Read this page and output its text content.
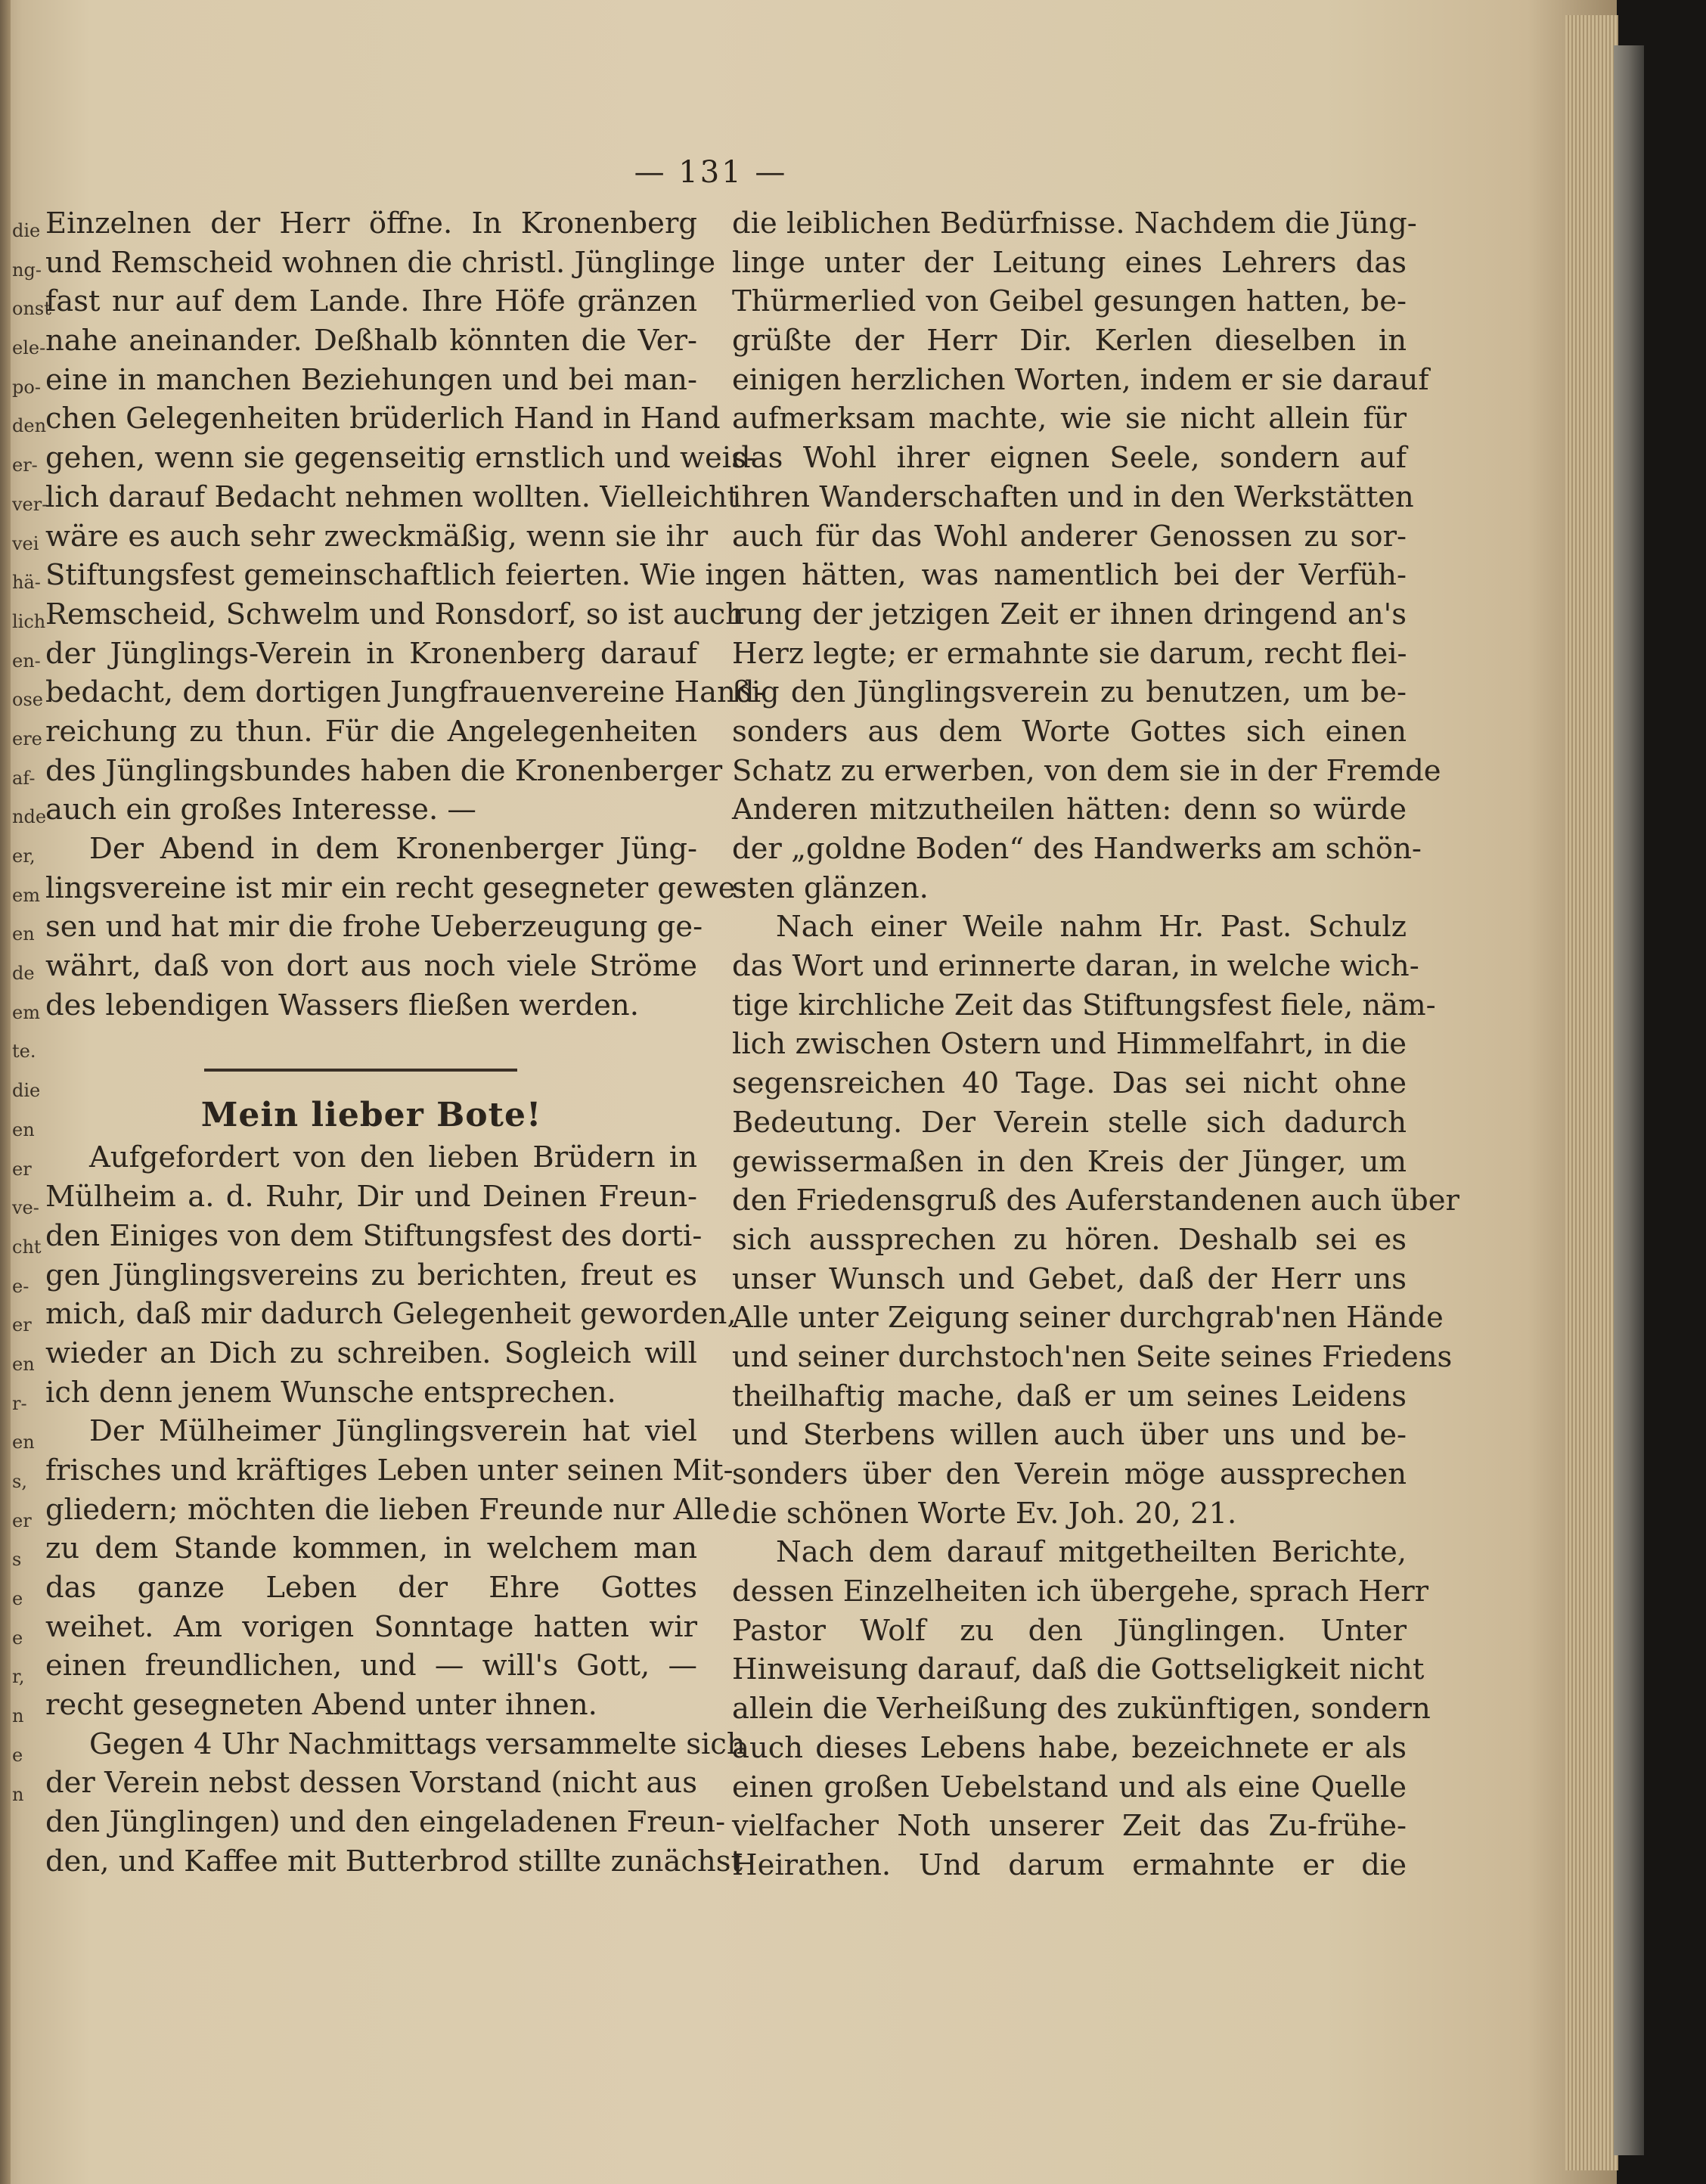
die
ng-
onst
ele-
po-
den
er-
ver-
vei
hä-
lich
en-
ose
ere
af-
nde
er,
em
en
de
em
te.
die
en
er
ve-
cht
e-
er
en
r-
en
s,
er
s
e
e
r,
n
e
n
— 131 —
Einzelnen der Herr öffne. In Kronenberg
und Remscheid wohnen die christl. Jünglinge
fast nur auf dem Lande. Ihre Höfe gränzen
nahe aneinander. Deßhalb könnten die Ver-
eine in manchen Beziehungen und bei man-
chen Gelegenheiten brüderlich Hand in Hand
gehen, wenn sie gegenseitig ernstlich und weis-
lich darauf Bedacht nehmen wollten. Vielleicht
wäre es auch sehr zweckmäßig, wenn sie ihr
Stiftungsfest gemeinschaftlich feierten. Wie in
Remscheid, Schwelm und Ronsdorf, so ist auch
der Jünglings-Verein in Kronenberg darauf
bedacht, dem dortigen Jungfrauenvereine Hand-
reichung zu thun. Für die Angelegenheiten
des Jünglingsbundes haben die Kronenberger
auch ein großes Interesse. —
Der Abend in dem Kronenberger Jüng-
lingsvereine ist mir ein recht gesegneter gewe-
sen und hat mir die frohe Ueberzeugung ge-
währt, daß von dort aus noch viele Ströme
des lebendigen Wassers fließen werden.
Mein lieber Bote!
Aufgefordert von den lieben Brüdern in
Mülheim a. d. Ruhr, Dir und Deinen Freun-
den Einiges von dem Stiftungsfest des dorti-
gen Jünglingsvereins zu berichten, freut es
mich, daß mir dadurch Gelegenheit geworden,
wieder an Dich zu schreiben. Sogleich will
ich denn jenem Wunsche entsprechen.
Der Mülheimer Jünglingsverein hat viel
frisches und kräftiges Leben unter seinen Mit-
gliedern; möchten die lieben Freunde nur Alle
zu dem Stande kommen, in welchem man
das ganze Leben der Ehre Gottes
weihet. Am vorigen Sonntage hatten wir
einen freundlichen, und — will's Gott, —
recht gesegneten Abend unter ihnen.
Gegen 4 Uhr Nachmittags versammelte sich
der Verein nebst dessen Vorstand (nicht aus
den Jünglingen) und den eingeladenen Freun-
den, und Kaffee mit Butterbrod stillte zunächst
die leiblichen Bedürfnisse. Nachdem die Jüng-
linge unter der Leitung eines Lehrers das
Thürmerlied von Geibel gesungen hatten, be-
grüßte der Herr Dir. Kerlen dieselben in
einigen herzlichen Worten, indem er sie darauf
aufmerksam machte, wie sie nicht allein für
das Wohl ihrer eignen Seele, sondern auf
ihren Wanderschaften und in den Werkstätten
auch für das Wohl anderer Genossen zu sor-
gen hätten, was namentlich bei der Verfüh-
rung der jetzigen Zeit er ihnen dringend an's
Herz legte; er ermahnte sie darum, recht flei-
ßig den Jünglingsverein zu benutzen, um be-
sonders aus dem Worte Gottes sich einen
Schatz zu erwerben, von dem sie in der Fremde
Anderen mitzutheilen hätten: denn so würde
der „goldne Boden“ des Handwerks am schön-
sten glänzen.
Nach einer Weile nahm Hr. Past. Schulz
das Wort und erinnerte daran, in welche wich-
tige kirchliche Zeit das Stiftungsfest fiele, näm-
lich zwischen Ostern und Himmelfahrt, in die
segensreichen 40 Tage. Das sei nicht ohne
Bedeutung. Der Verein stelle sich dadurch
gewissermaßen in den Kreis der Jünger, um
den Friedensgruß des Auferstandenen auch über
sich aussprechen zu hören. Deshalb sei es
unser Wunsch und Gebet, daß der Herr uns
Alle unter Zeigung seiner durchgrab'nen Hände
und seiner durchstoch'nen Seite seines Friedens
theilhaftig mache, daß er um seines Leidens
und Sterbens willen auch über uns und be-
sonders über den Verein möge aussprechen
die schönen Worte Ev. Joh. 20, 21.
Nach dem darauf mitgetheilten Berichte,
dessen Einzelheiten ich übergehe, sprach Herr
Pastor Wolf zu den Jünglingen. Unter
Hinweisung darauf, daß die Gottseligkeit nicht
allein die Verheißung des zukünftigen, sondern
auch dieses Lebens habe, bezeichnete er als
einen großen Uebelstand und als eine Quelle
vielfacher Noth unserer Zeit das Zu-frühe-
Heirathen. Und darum ermahnte er die
